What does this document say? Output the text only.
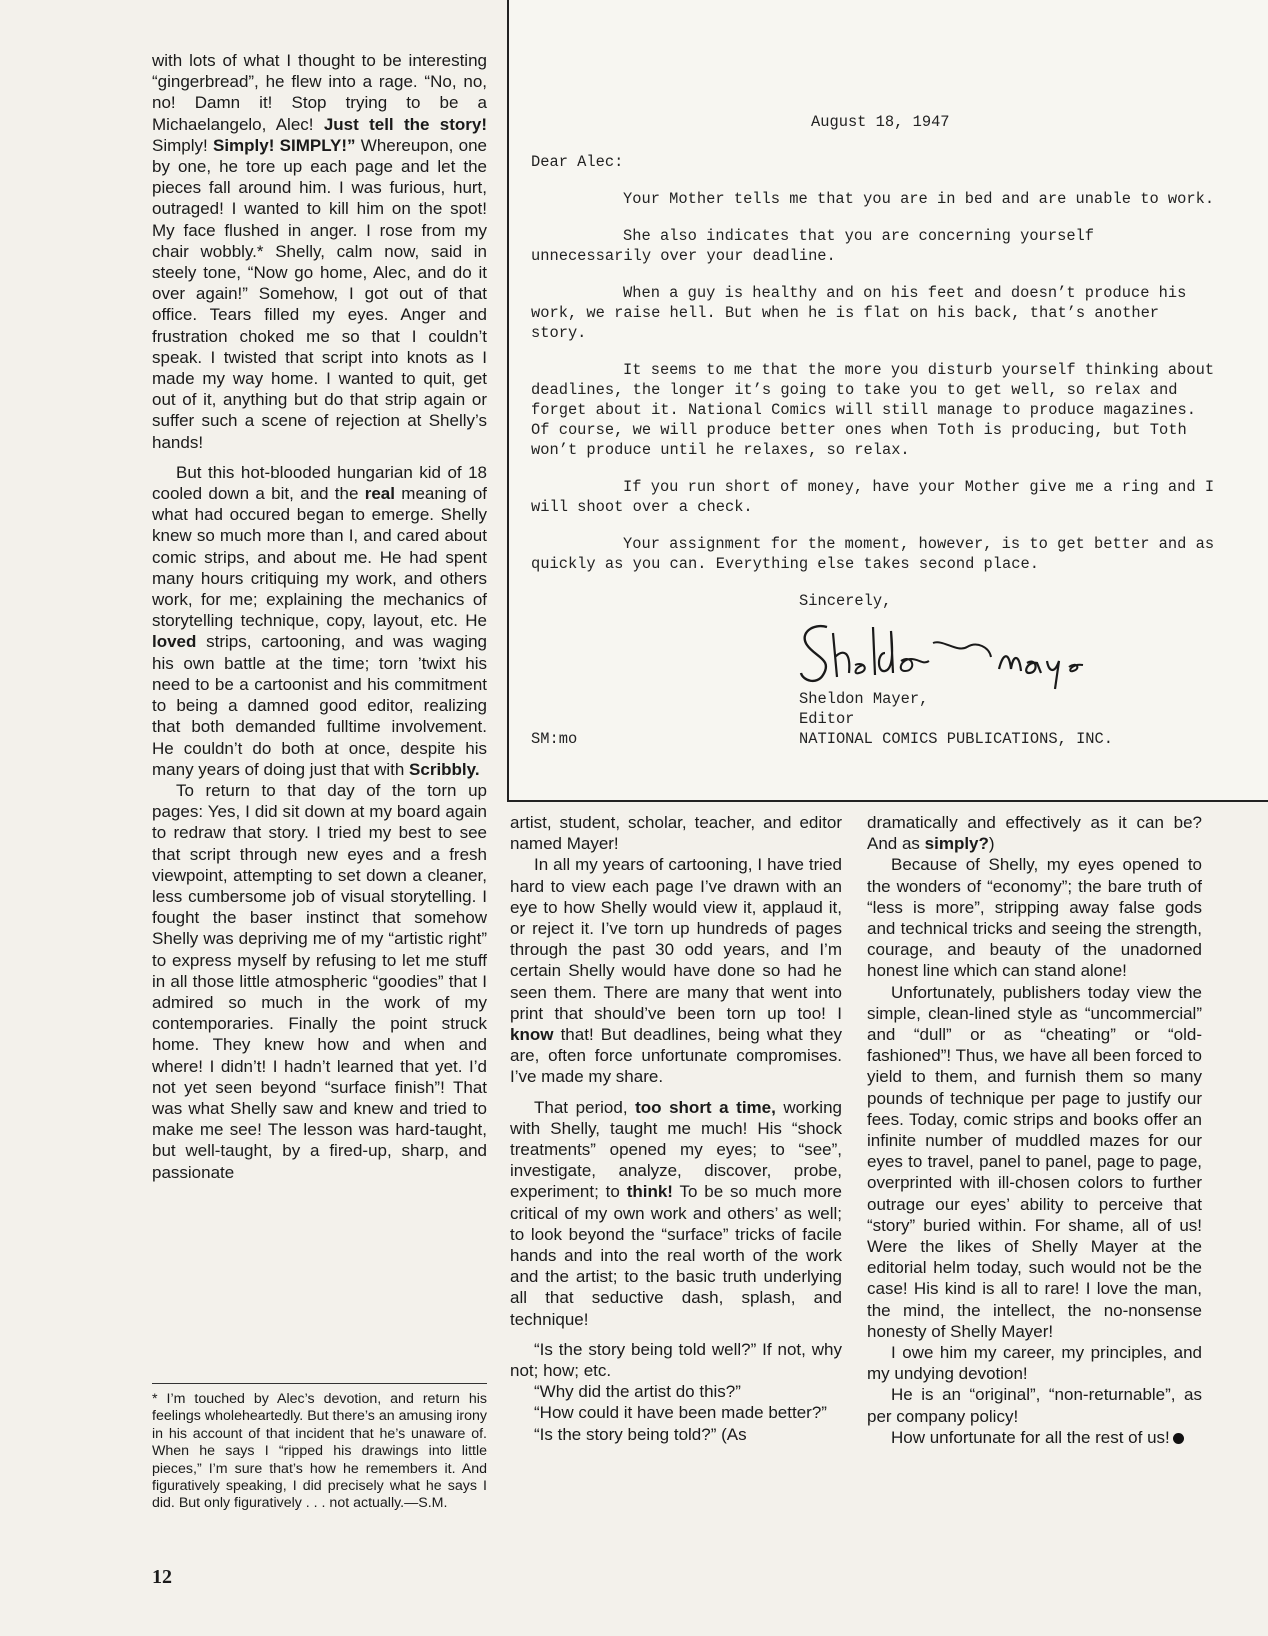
with lots of what I thought to be interesting “gingerbread”, he flew into a rage. “No, no, no! Damn it! Stop trying to be a Michaelangelo, Alec! Just tell the story! Simply! Simply! SIMPLY!” Whereupon, one by one, he tore up each page and let the pieces fall around him. I was furious, hurt, outraged! I wanted to kill him on the spot! My face flushed in anger. I rose from my chair wobbly.* Shelly, calm now, said in steely tone, “Now go home, Alec, and do it over again!” Somehow, I got out of that office. Tears filled my eyes. Anger and frustration choked me so that I couldn’t speak. I twisted that script into knots as I made my way home. I wanted to quit, get out of it, anything but do that strip again or suffer such a scene of rejection at Shelly’s hands!

But this hot-blooded hungarian kid of 18 cooled down a bit, and the real meaning of what had occured began to emerge. Shelly knew so much more than I, and cared about comic strips, and about me. He had spent many hours critiquing my work, and others work, for me; explaining the mechanics of storytelling technique, copy, layout, etc. He loved strips, cartooning, and was waging his own battle at the time; torn ’twixt his need to be a cartoonist and his commitment to being a damned good editor, realizing that both demanded fulltime involvement. He couldn’t do both at once, despite his many years of doing just that with Scribbly.

To return to that day of the torn up pages: Yes, I did sit down at my board again to redraw that story. I tried my best to see that script through new eyes and a fresh viewpoint, attempting to set down a cleaner, less cumbersome job of visual storytelling. I fought the baser instinct that somehow Shelly was depriving me of my “artistic right” to express myself by refusing to let me stuff in all those little atmospheric “goodies” that I admired so much in the work of my contemporaries. Finally the point struck home. They knew how and when and where! I didn’t! I hadn’t learned that yet. I’d not yet seen beyond “surface finish”! That was what Shelly saw and knew and tried to make me see! The lesson was hard-taught, but well-taught, by a fired-up, sharp, and passionate

* I’m touched by Alec’s devotion, and return his feelings wholeheartedly. But there’s an amusing irony in his account of that incident that he’s unaware of. When he says I “ripped his drawings into little pieces,” I’m sure that’s how he remembers it. And figuratively speaking, I did precisely what he says I did. But only figuratively . . . not actually.—S.M.
12

August 18, 1947

Dear Alec:

Your Mother tells me that you are in bed and are unable to work.

She also indicates that you are concerning yourself unnecessarily over your deadline.

When a guy is healthy and on his feet and doesn’t produce his work, we raise hell. But when he is flat on his back, that’s another story.

It seems to me that the more you disturb yourself thinking about deadlines, the longer it’s going to take you to get well, so relax and forget about it. National Comics will still manage to produce magazines. Of course, we will produce better ones when Toth is producing, but Toth won’t produce until he relaxes, so relax.

If you run short of money, have your Mother give me a ring and I will shoot over a check.

Your assignment for the moment, however, is to get better and as quickly as you can. Everything else takes second place.

Sincerely,
Sheldon Mayer,
Editor
SM:mo	NATIONAL COMICS PUBLICATIONS, INC.

artist, student, scholar, teacher, and editor named Mayer!

In all my years of cartooning, I have tried hard to view each page I’ve drawn with an eye to how Shelly would view it, applaud it, or reject it. I’ve torn up hundreds of pages through the past 30 odd years, and I’m certain Shelly would have done so had he seen them. There are many that went into print that should’ve been torn up too! I know that! But deadlines, being what they are, often force unfortunate compromises. I’ve made my share.

That period, too short a time, working with Shelly, taught me much! His “shock treatments” opened my eyes; to “see”, investigate, analyze, discover, probe, experiment; to think! To be so much more critical of my own work and others’ as well; to look beyond the “surface” tricks of facile hands and into the real worth of the work and the artist; to the basic truth underlying all that seductive dash, splash, and technique!

“Is the story being told well?” If not, why not; how; etc.

“Why did the artist do this?”

“How could it have been made better?”

“Is the story being told?” (As

dramatically and effectively as it can be? And as simply?)

Because of Shelly, my eyes opened to the wonders of “economy”; the bare truth of “less is more”, stripping away false gods and technical tricks and seeing the strength, courage, and beauty of the unadorned honest line which can stand alone!

Unfortunately, publishers today view the simple, clean-lined style as “uncommercial” and “dull” or as “cheating” or “old-fashioned”! Thus, we have all been forced to yield to them, and furnish them so many pounds of technique per page to justify our fees. Today, comic strips and books offer an infinite number of muddled mazes for our eyes to travel, panel to panel, page to page, overprinted with ill-chosen colors to further outrage our eyes’ ability to perceive that “story” buried within. For shame, all of us! Were the likes of Shelly Mayer at the editorial helm today, such would not be the case! His kind is all to rare! I love the man, the mind, the intellect, the no-nonsense honesty of Shelly Mayer!

I owe him my career, my principles, and my undying devotion!

He is an “original”, “non-returnable”, as per company policy!

How unfortunate for all the rest of us!
